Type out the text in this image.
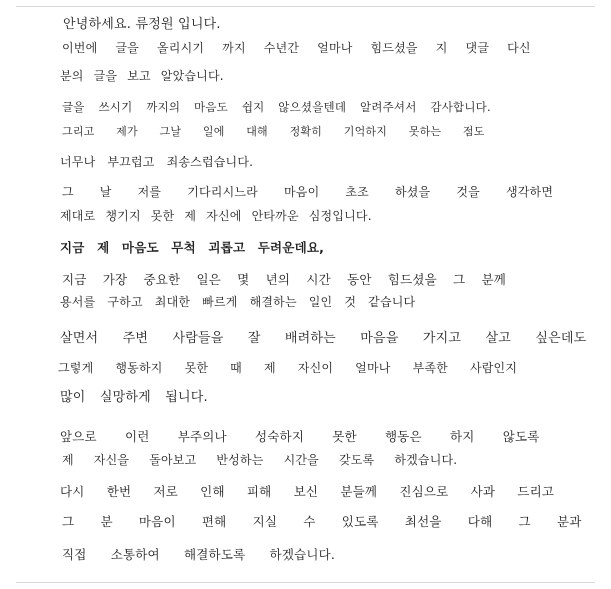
안녕하세요. 류정원 입니다.

이번에 글을 올리시기 까지 수년간 얼마나 힘드셨을 지 댓글 다신

분의 글을 보고 알았습니다.

글을 쓰시기 까지의 마음도 쉽지 않으셨을텐데 알려주셔서 감사합니다.

그리고 제가 그날 일에 대해 정확히 기억하지 못하는 점도

너무나 부끄럽고 죄송스럽습니다.

그 날 저를 기다리시느라 마음이 초조 하셨을 것을 생각하면

제대로 챙기지 못한 제 자신에 안타까운 심정입니다.

지금 제 마음도 무척 괴롭고 두려운데요,

지금 가장 중요한 일은 몇 년의 시간 동안 힘드셨을 그 분께

용서를 구하고 최대한 빠르게 해결하는 일인 것 같습니다

살면서 주변 사람들을 잘 배려하는 마음을 가지고 살고 싶은데도

그렇게 행동하지 못한 때 제 자신이 얼마나 부족한 사람인지

많이 실망하게 됩니다.

앞으로 이런 부주의나 성숙하지 못한 행동은 하지 않도록

제 자신을 돌아보고 반성하는 시간을 갖도록 하겠습니다.

다시 한번 저로 인해 피해 보신 분들께 진심으로 사과 드리고

그 분 마음이 편해 지실 수 있도록 최선을 다해 그 분과

직접 소통하여 해결하도록 하겠습니다.
